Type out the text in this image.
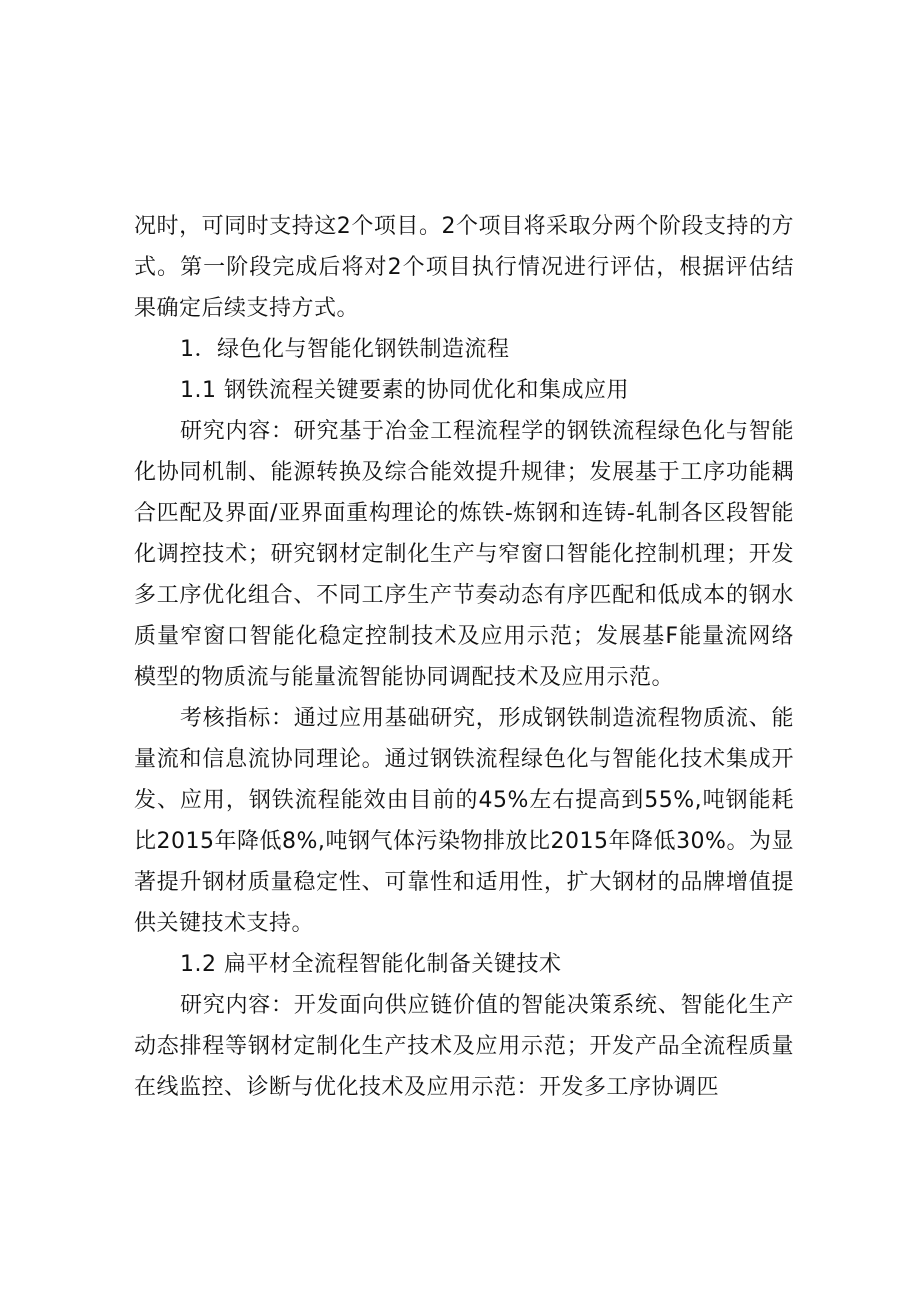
况时，可同时支持这2个项目。2个项目将采取分两个阶段支持的方式。第一阶段完成后将对2个项目执行情况进行评估，根据评估结果确定后续支持方式。

1．绿色化与智能化钢铁制造流程

1.1 钢铁流程关键要素的协同优化和集成应用

研究内容：研究基于冶金工程流程学的钢铁流程绿色化与智能化协同机制、能源转换及综合能效提升规律；发展基于工序功能耦合匹配及界面/亚界面重构理论的炼铁-炼钢和连铸-轧制各区段智能化调控技术；研究钢材定制化生产与窄窗口智能化控制机理；开发多工序优化组合、不同工序生产节奏动态有序匹配和低成本的钢水质量窄窗口智能化稳定控制技术及应用示范；发展基F能量流网络模型的物质流与能量流智能协同调配技术及应用示范。

考核指标：通过应用基础研究，形成钢铁制造流程物质流、能量流和信息流协同理论。通过钢铁流程绿色化与智能化技术集成开发、应用，钢铁流程能效由目前的45%左右提高到55%,吨钢能耗比2015年降低8%,吨钢气体污染物排放比2015年降低30%。为显著提升钢材质量稳定性、可靠性和适用性，扩大钢材的品牌增值提供关键技术支持。

1.2 扁平材全流程智能化制备关键技术

研究内容：开发面向供应链价值的智能决策系统、智能化生产动态排程等钢材定制化生产技术及应用示范；开发产品全流程质量在线监控、诊断与优化技术及应用示范：开发多工序协调匹
